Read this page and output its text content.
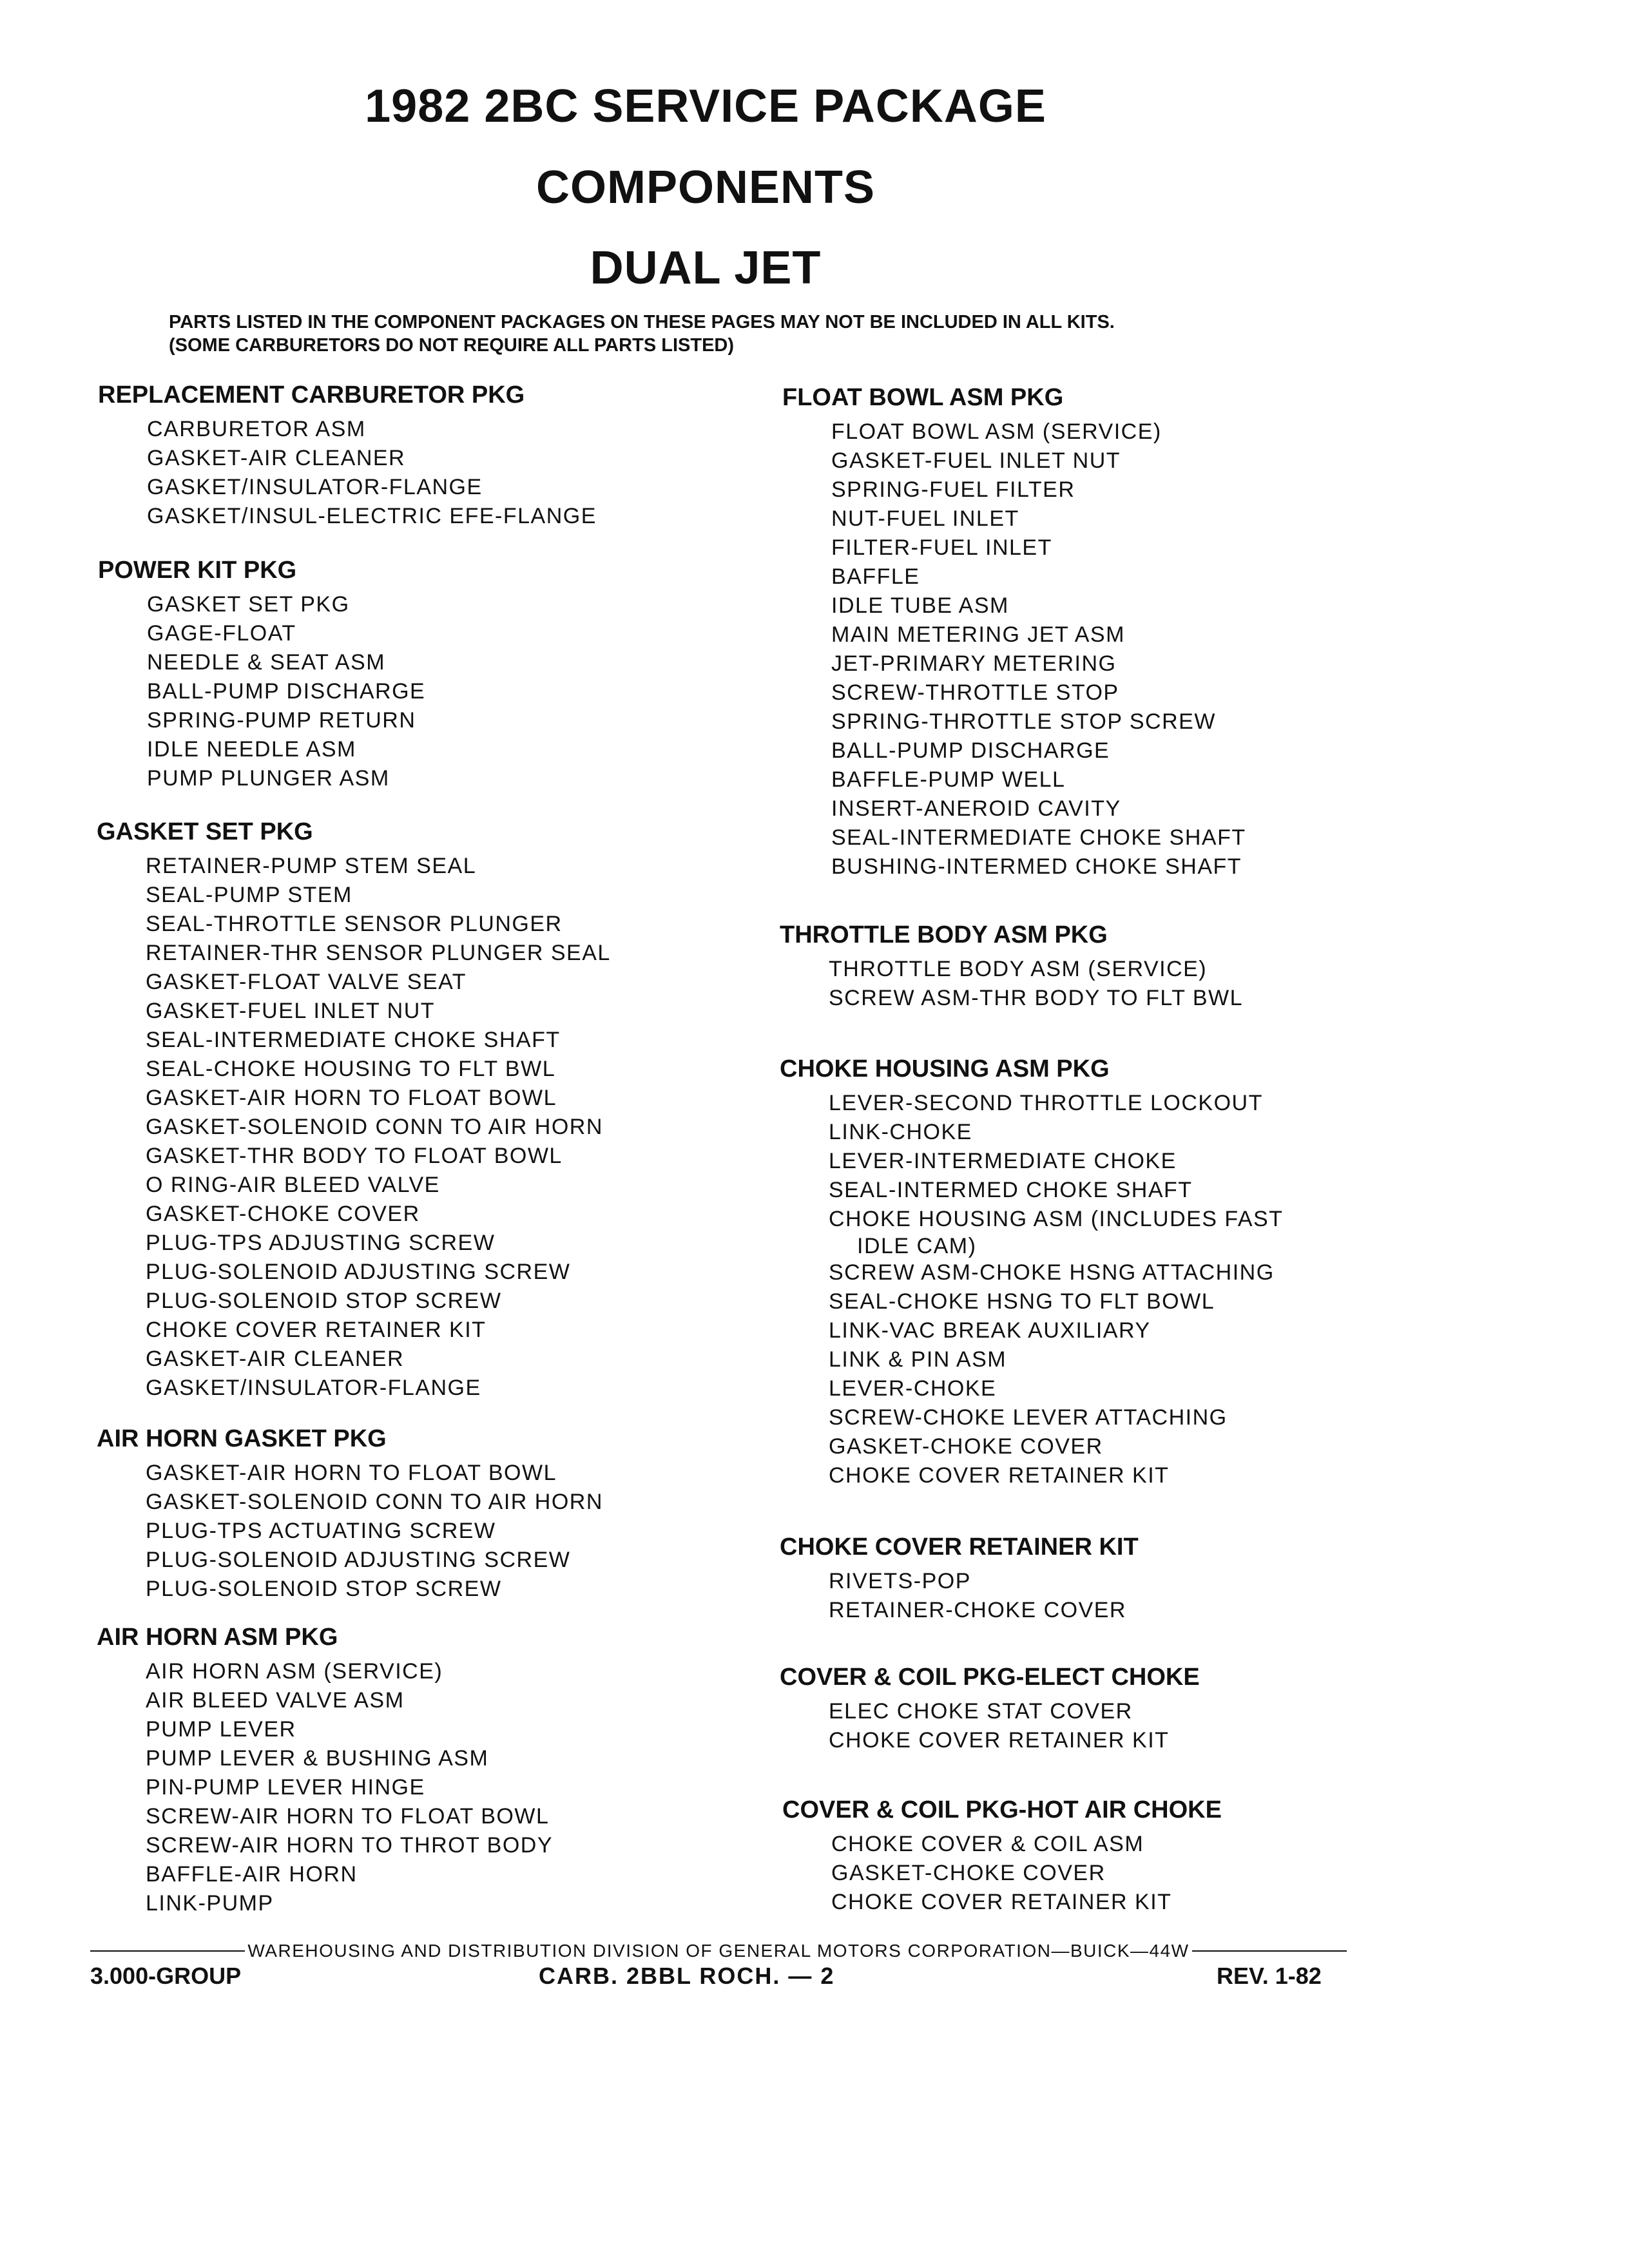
1982 2BC SERVICE PACKAGE
COMPONENTS
DUAL JET

PARTS LISTED IN THE COMPONENT PACKAGES ON THESE PAGES MAY NOT BE INCLUDED IN ALL KITS.

(SOME CARBURETORS DO NOT REQUIRE ALL PARTS LISTED)

REPLACEMENT CARBURETOR PKG
CARBURETOR ASM
GASKET-AIR CLEANER
GASKET/INSULATOR-FLANGE
GASKET/INSUL-ELECTRIC EFE-FLANGE
POWER KIT PKG
GASKET SET PKG
GAGE-FLOAT
NEEDLE & SEAT ASM
BALL-PUMP DISCHARGE
SPRING-PUMP RETURN
IDLE NEEDLE ASM
PUMP PLUNGER ASM
GASKET SET PKG
RETAINER-PUMP STEM SEAL
SEAL-PUMP STEM
SEAL-THROTTLE SENSOR PLUNGER
RETAINER-THR SENSOR PLUNGER SEAL
GASKET-FLOAT VALVE SEAT
GASKET-FUEL INLET NUT
SEAL-INTERMEDIATE CHOKE SHAFT
SEAL-CHOKE HOUSING TO FLT BWL
GASKET-AIR HORN TO FLOAT BOWL
GASKET-SOLENOID CONN TO AIR HORN
GASKET-THR BODY TO FLOAT BOWL
O RING-AIR BLEED VALVE
GASKET-CHOKE COVER
PLUG-TPS ADJUSTING SCREW
PLUG-SOLENOID ADJUSTING SCREW
PLUG-SOLENOID STOP SCREW
CHOKE COVER RETAINER KIT
GASKET-AIR CLEANER
GASKET/INSULATOR-FLANGE
AIR HORN GASKET PKG
GASKET-AIR HORN TO FLOAT BOWL
GASKET-SOLENOID CONN TO AIR HORN
PLUG-TPS ACTUATING SCREW
PLUG-SOLENOID ADJUSTING SCREW
PLUG-SOLENOID STOP SCREW
AIR HORN ASM PKG
AIR HORN ASM (SERVICE)
AIR BLEED VALVE ASM
PUMP LEVER
PUMP LEVER & BUSHING ASM
PIN-PUMP LEVER HINGE
SCREW-AIR HORN TO FLOAT BOWL
SCREW-AIR HORN TO THROT BODY
BAFFLE-AIR HORN
LINK-PUMP
FLOAT BOWL ASM PKG
FLOAT BOWL ASM (SERVICE)
GASKET-FUEL INLET NUT
SPRING-FUEL FILTER
NUT-FUEL INLET
FILTER-FUEL INLET
BAFFLE
IDLE TUBE ASM
MAIN METERING JET ASM
JET-PRIMARY METERING
SCREW-THROTTLE STOP
SPRING-THROTTLE STOP SCREW
BALL-PUMP DISCHARGE
BAFFLE-PUMP WELL
INSERT-ANEROID CAVITY
SEAL-INTERMEDIATE CHOKE SHAFT
BUSHING-INTERMED CHOKE SHAFT
THROTTLE BODY ASM PKG
THROTTLE BODY ASM (SERVICE)
SCREW ASM-THR BODY TO FLT BWL
CHOKE HOUSING ASM PKG
LEVER-SECOND THROTTLE LOCKOUT
LINK-CHOKE
LEVER-INTERMEDIATE CHOKE
SEAL-INTERMED CHOKE SHAFT
CHOKE HOUSING ASM (INCLUDES FAST
IDLE CAM)
SCREW ASM-CHOKE HSNG ATTACHING
SEAL-CHOKE HSNG TO FLT BOWL
LINK-VAC BREAK AUXILIARY
LINK & PIN ASM
LEVER-CHOKE
SCREW-CHOKE LEVER ATTACHING
GASKET-CHOKE COVER
CHOKE COVER RETAINER KIT
CHOKE COVER RETAINER KIT
RIVETS-POP
RETAINER-CHOKE COVER
COVER & COIL PKG-ELECT CHOKE
ELEC CHOKE STAT COVER
CHOKE COVER RETAINER KIT
COVER & COIL PKG-HOT AIR CHOKE
CHOKE COVER & COIL ASM
GASKET-CHOKE COVER
CHOKE COVER RETAINER KIT
WAREHOUSING AND DISTRIBUTION DIVISION OF GENERAL MOTORS CORPORATION—BUICK—44W

3.000-GROUP	CARB. 2BBL ROCH. — 2	REV. 1-82
